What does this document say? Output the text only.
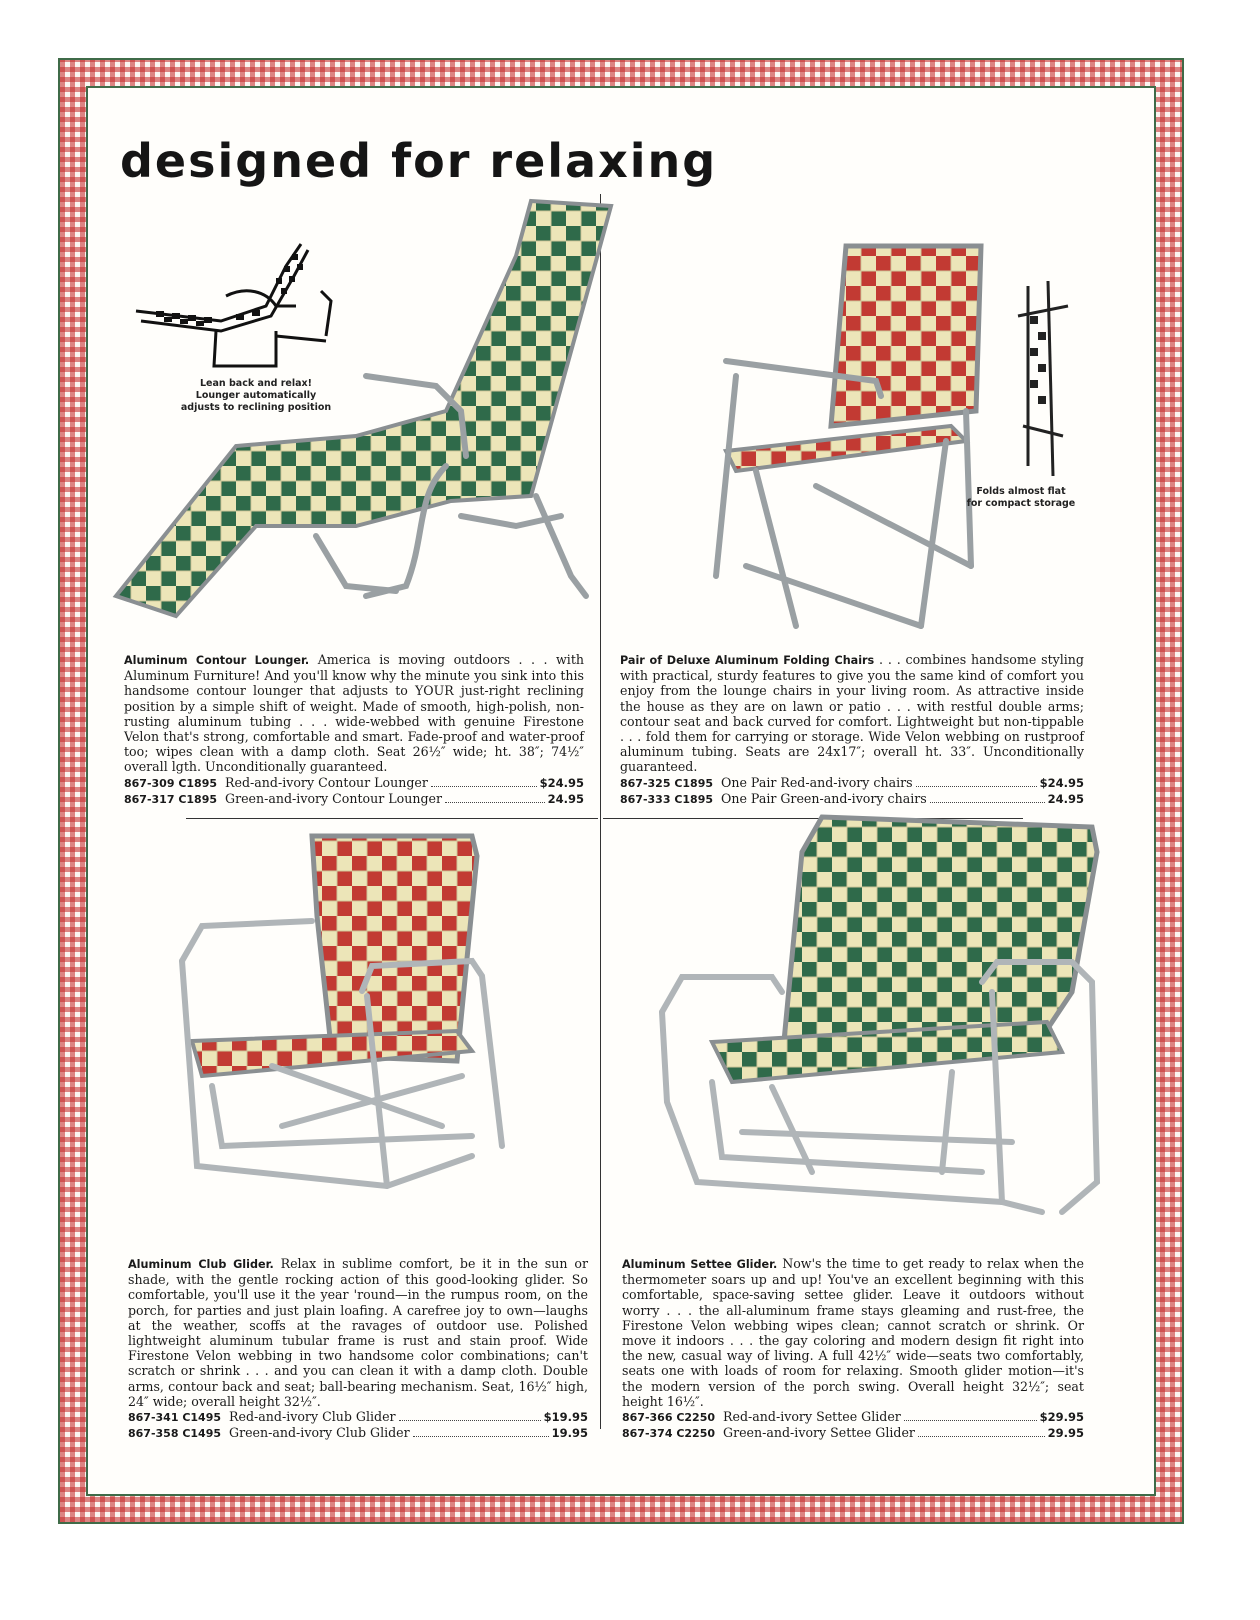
designed for relaxing
Lean back and relax!
Lounger automatically
adjusts to reclining position
Folds almost flat
for compact storage

Aluminum Contour Lounger. America is moving outdoors . . . with Aluminum Furniture! And you'll know why the minute you sink into this handsome contour lounger that adjusts to YOUR just-right reclining position by a simple shift of weight. Made of smooth, high-polish, non-rusting aluminum tubing . . . wide-webbed with genuine Firestone Velon that's strong, comfortable and smart. Fade-proof and water-proof too; wipes clean with a damp cloth. Seat 26½″ wide; ht. 38″; 74½″ overall lgth. Unconditionally guaranteed.

867-309 C1895 Red-and-ivory Contour Lounger	$24.95
867-317 C1895 Green-and-ivory Contour Lounger	24.95

Pair of Deluxe Aluminum Folding Chairs . . . combines handsome styling with practical, sturdy features to give you the same kind of comfort you enjoy from the lounge chairs in your living room. As attractive inside the house as they are on lawn or patio . . . with restful double arms; contour seat and back curved for comfort. Lightweight but non-tippable . . . fold them for carrying or storage. Wide Velon webbing on rustproof aluminum tubing. Seats are 24x17″; overall ht. 33″. Unconditionally guaranteed.

867-325 C1895 One Pair Red-and-ivory chairs	$24.95
867-333 C1895 One Pair Green-and-ivory chairs	24.95

Aluminum Club Glider. Relax in sublime comfort, be it in the sun or shade, with the gentle rocking action of this good-looking glider. So comfortable, you'll use it the year 'round—in the rumpus room, on the porch, for parties and just plain loafing. A carefree joy to own—laughs at the weather, scoffs at the ravages of outdoor use. Polished lightweight aluminum tubular frame is rust and stain proof. Wide Firestone Velon webbing in two handsome color combinations; can't scratch or shrink . . . and you can clean it with a damp cloth. Double arms, contour back and seat; ball-bearing mechanism. Seat, 16½″ high, 24″ wide; overall height 32½″.

867-341 C1495 Red-and-ivory Club Glider	$19.95
867-358 C1495 Green-and-ivory Club Glider	19.95

Aluminum Settee Glider. Now's the time to get ready to relax when the thermometer soars up and up! You've an excellent beginning with this comfortable, space-saving settee glider. Leave it outdoors without worry . . . the all-aluminum frame stays gleaming and rust-free, the Firestone Velon webbing wipes clean; cannot scratch or shrink. Or move it indoors . . . the gay coloring and modern design fit right into the new, casual way of living. A full 42½″ wide—seats two comfortably, seats one with loads of room for relaxing. Smooth glider motion—it's the modern version of the porch swing. Overall height 32½″; seat height 16½″.

867-366 C2250 Red-and-ivory Settee Glider	$29.95
867-374 C2250 Green-and-ivory Settee Glider	29.95
